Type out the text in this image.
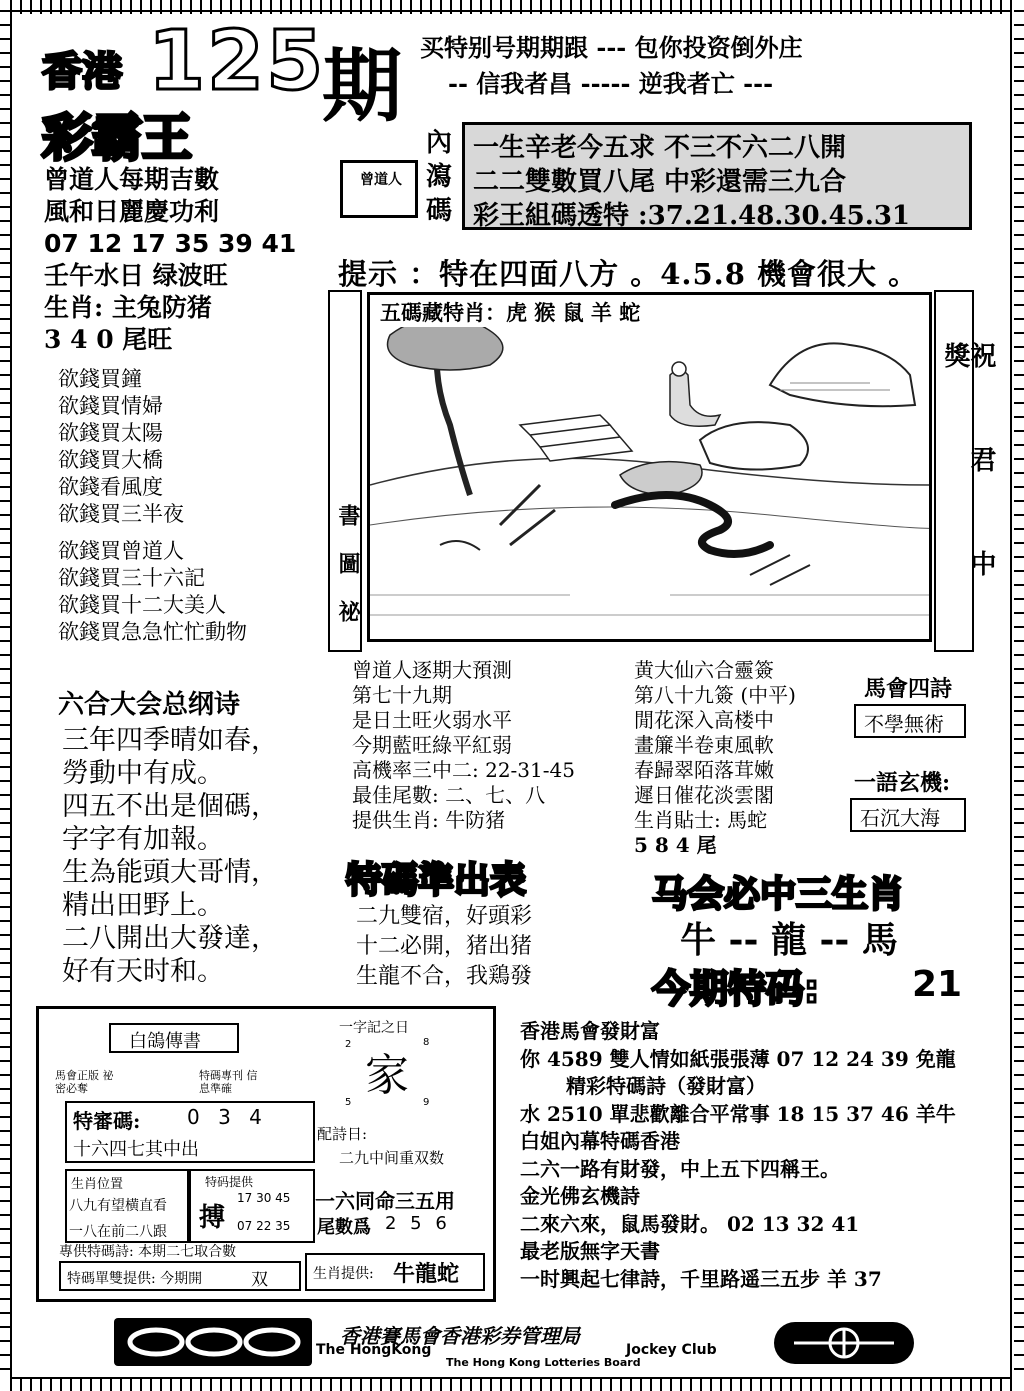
香港 125
期
彩霸王
买特别号期期跟 --- 包你投资倒外庄
-- 信我者昌 ----- 逆我者亡 ---
內瀉碼
一生辛老今五求 不三不六二八開
二二雙數買八尾 中彩還需三九合
彩王組碼透特 :37.21.48.30.45.31
曾道人
提示 ：特在四面八方 。4.5.8 機會很大 。
曾道人每期吉數
風和日麗慶功利
07 12 17 35 39 41
壬午水日 绿波旺
生肖: 主兔防猪
3 4 0 尾旺
欲錢買鐘
欲錢買情婦
欲錢買太陽
欲錢買大橋
欲錢看風度
欲錢買三半夜
欲錢買曾道人
欲錢買三十六記
欲錢買十二大美人
欲錢買急急忙忙動物
書 圖 祕	祝 君 中 獎
五碼藏特肖：虎 猴 鼠 羊 蛇
六合大会总纲诗
三年四季晴如春，
勞動中有成。
四五不出是個碼，
字字有加報。
生為能頭大哥情，
精出田野上。
二八開出大發達，
好有天时和。
曾道人逐期大預測
第七十九期
是日土旺火弱水平
今期藍旺綠平紅弱
高機率三中二: 22-31-45
最佳尾數: 二、七、八
提供生肖: 牛防猪
黄大仙六合靈簽
第八十九簽 (中平)
閒花深入高楼中
畫簾半卷東風軟
春歸翠陌落茸嫩
遲日催花淡雲閣
生肖貼士: 馬蛇
5 8 4 尾
馬會四詩
不學無術
一語玄機:
石沉大海
特碼準出表
二九雙宿，好頭彩
十二必開，猪出猪
生龍不合，我鶏發
马会必中三生肖
牛 -- 龍 -- 馬
今期特码:	21
白鴿傳書
馬會正版 祕密必奪
特碼專刊 信息準確
特審碼: 0 3 4
十六四七其中出
生肖位置
八九有望横直看
一八在前二八跟
特码提供
搏
17 30 45
07 22 35
專供特碼詩: 本期二七取合數
特碼單雙提供: 今期開	双
一字記之日
2	8
家
5	9
配詩日:
二九中间重双数
一六同命三五用
尾數爲 2 5 6
生肖提供: 牛龍蛇
香港馬會發財富
你 4589 雙人情如紙張張薄 07 12 24 39 免龍
精彩特碼詩（發財富）
水 2510 單悲歡離合平常事 18 15 37 46 羊牛
白姐內幕特碼香港
二六一路有財發，中上五下四稱王。
金光佛玄機詩
二來六來，鼠馬發財。 02 13 32 41
最老版無字天書
一时興起七律詩，千里路遥三五步 羊 37
香港賽馬會香港彩券管理局
The HongKong	Jockey Club
The Hong Kong Lotteries Board
